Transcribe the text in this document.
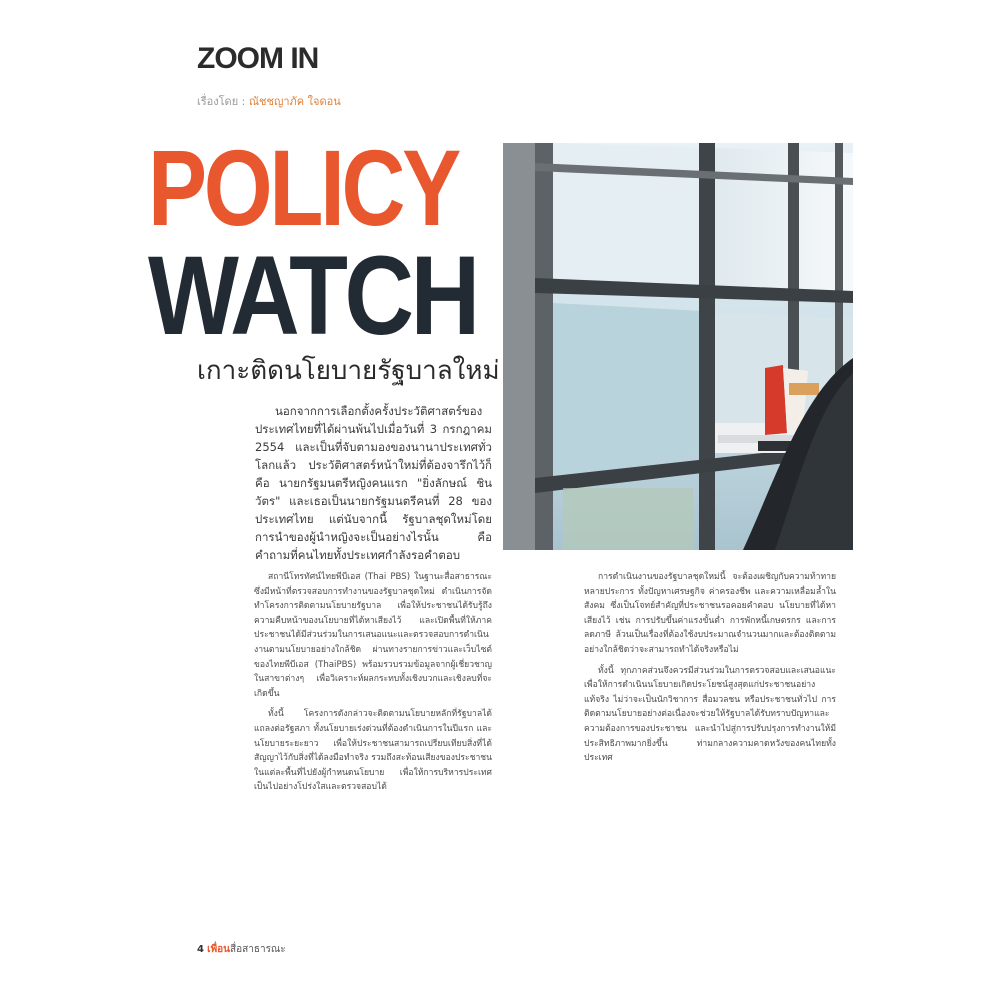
ZOOM IN
เรื่องโดย : ณัชชญาภัค ใจดอน
POLICY
WATCH
เกาะติดนโยบายรัฐบาลใหม่
นอกจากการเลือกตั้งครั้งประวัติศาสตร์ของประเทศไทยที่ได้ผ่านพ้นไปเมื่อวันที่ 3 กรกฎาคม 2554 และเป็นที่จับตามองของนานาประเทศทั่วโลกแล้ว ประวัติศาสตร์หน้าใหม่ที่ต้องจารึกไว้ก็คือ นายกรัฐมนตรีหญิงคนแรก "ยิ่งลักษณ์ ชินวัตร" และเธอเป็นนายกรัฐมนตรีคนที่ 28 ของประเทศไทย แต่นับจากนี้ รัฐบาลชุดใหม่โดยการนำของผู้นำหญิงจะเป็นอย่างไรนั้น คือคำถามที่คนไทยทั้งประเทศกำลังรอคำตอบ

สถานีโทรทัศน์ไทยพีบีเอส (Thai PBS) ในฐานะสื่อสาธารณะซึ่งมีหน้าที่ตรวจสอบการทำงานของรัฐบาลชุดใหม่ ดำเนินการจัดทำโครงการติดตามนโยบายรัฐบาล เพื่อให้ประชาชนได้รับรู้ถึงความคืบหน้าของนโยบายที่ได้หาเสียงไว้ และเปิดพื้นที่ให้ภาคประชาชนได้มีส่วนร่วมในการเสนอแนะและตรวจสอบการดำเนินงานตามนโยบายอย่างใกล้ชิด ผ่านทางรายการข่าวและเว็บไซต์ของไทยพีบีเอส (ThaiPBS) พร้อมรวบรวมข้อมูลจากผู้เชี่ยวชาญในสาขาต่างๆ เพื่อวิเคราะห์ผลกระทบทั้งเชิงบวกและเชิงลบที่จะเกิดขึ้น

ทั้งนี้ โครงการดังกล่าวจะติดตามนโยบายหลักที่รัฐบาลได้แถลงต่อรัฐสภา ทั้งนโยบายเร่งด่วนที่ต้องดำเนินการในปีแรก และนโยบายระยะยาว เพื่อให้ประชาชนสามารถเปรียบเทียบสิ่งที่ได้สัญญาไว้กับสิ่งที่ได้ลงมือทำจริง รวมถึงสะท้อนเสียงของประชาชนในแต่ละพื้นที่ไปยังผู้กำหนดนโยบาย เพื่อให้การบริหารประเทศเป็นไปอย่างโปร่งใสและตรวจสอบได้

การดำเนินงานของรัฐบาลชุดใหม่นี้ จะต้องเผชิญกับความท้าทายหลายประการ ทั้งปัญหาเศรษฐกิจ ค่าครองชีพ และความเหลื่อมล้ำในสังคม ซึ่งเป็นโจทย์สำคัญที่ประชาชนรอคอยคำตอบ นโยบายที่ได้หาเสียงไว้ เช่น การปรับขึ้นค่าแรงขั้นต่ำ การพักหนี้เกษตรกร และการลดภาษี ล้วนเป็นเรื่องที่ต้องใช้งบประมาณจำนวนมากและต้องติดตามอย่างใกล้ชิดว่าจะสามารถทำได้จริงหรือไม่

ทั้งนี้ ทุกภาคส่วนจึงควรมีส่วนร่วมในการตรวจสอบและเสนอแนะ เพื่อให้การดำเนินนโยบายเกิดประโยชน์สูงสุดแก่ประชาชนอย่างแท้จริง ไม่ว่าจะเป็นนักวิชาการ สื่อมวลชน หรือประชาชนทั่วไป การติดตามนโยบายอย่างต่อเนื่องจะช่วยให้รัฐบาลได้รับทราบปัญหาและความต้องการของประชาชน และนำไปสู่การปรับปรุงการทำงานให้มีประสิทธิภาพมากยิ่งขึ้น ท่ามกลางความคาดหวังของคนไทยทั้งประเทศ

4 เพื่อนสื่อสาธารณะ
